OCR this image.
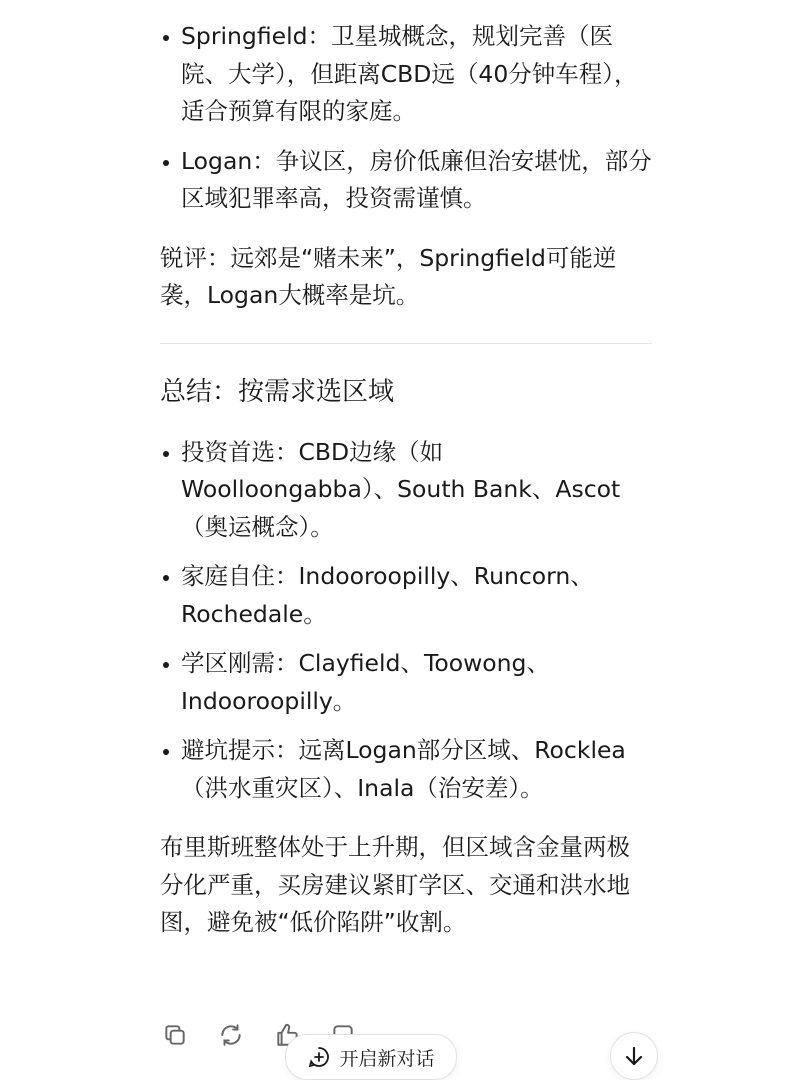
Springfield：卫星城概念，规划完善（医院、大学），但距离CBD远（40分钟车程），适合预算有限的家庭。
Logan：争议区，房价低廉但治安堪忧，部分区域犯罪率高，投资需谨慎。

锐评：远郊是“赌未来”，Springfield可能逆袭，Logan大概率是坑。

总结：按需求选区域
投资首选：CBD边缘（如Woolloongabba）、South Bank、Ascot（奥运概念）。
家庭自住：Indooroopilly、Runcorn、Rochedale。
学区刚需：Clayfield、Toowong、Indooroopilly。
避坑提示：远离Logan部分区域、Rocklea（洪水重灾区）、Inala（治安差）。

布里斯班整体处于上升期，但区域含金量两极分化严重，买房建议紧盯学区、交通和洪水地图，避免被“低价陷阱”收割。

开启新对话
